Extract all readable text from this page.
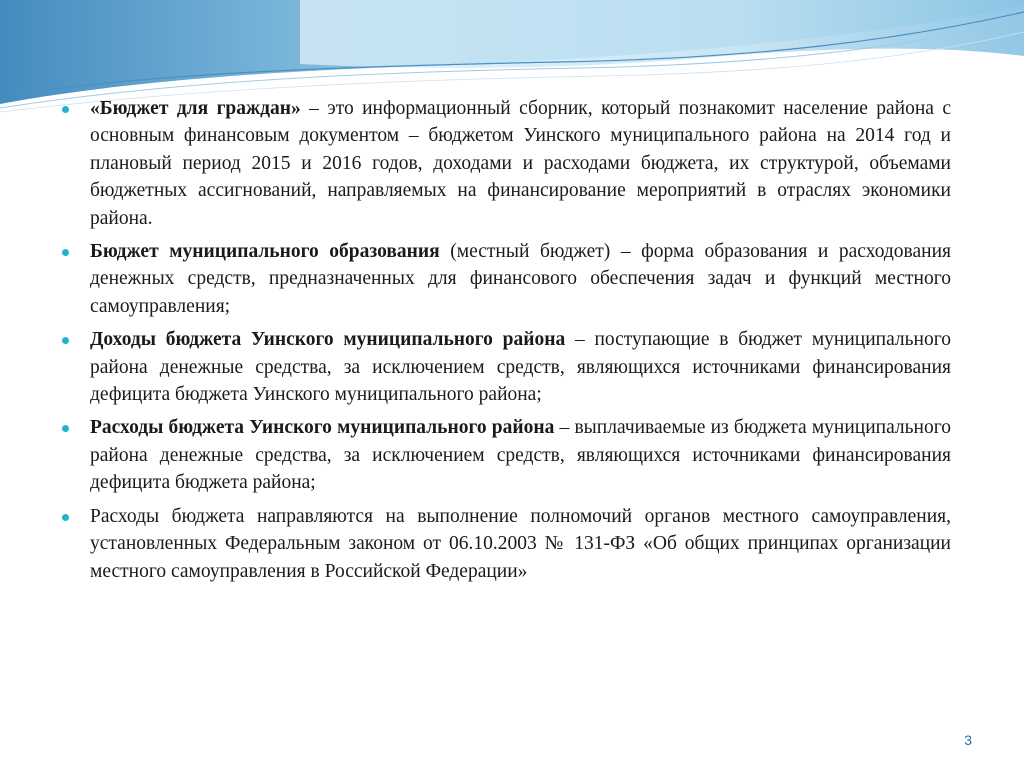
«Бюджет для граждан» – это информационный сборник, который познакомит население района с основным финансовым документом – бюджетом Уинского муниципального района на 2014 год и плановый период 2015 и 2016 годов, доходами и расходами бюджета, их структурой, объемами бюджетных ассигнований, направляемых на финансирование мероприятий в отраслях экономики района.
Бюджет муниципального образования (местный бюджет) – форма образования и расходования денежных средств, предназначенных для финансового обеспечения задач и функций местного самоуправления;
Доходы бюджета Уинского муниципального района – поступающие в бюджет муниципального района денежные средства, за исключением средств, являющихся источниками финансирования дефицита бюджета Уинского муниципального района;
Расходы бюджета Уинского муниципального района – выплачиваемые из бюджета муниципального района денежные средства, за исключением средств, являющихся источниками финансирования дефицита бюджета района;
Расходы бюджета направляются на выполнение полномочий органов местного самоуправления, установленных Федеральным законом от 06.10.2003 № 131-ФЗ «Об общих принципах организации местного самоуправления в Российской Федерации»
3
